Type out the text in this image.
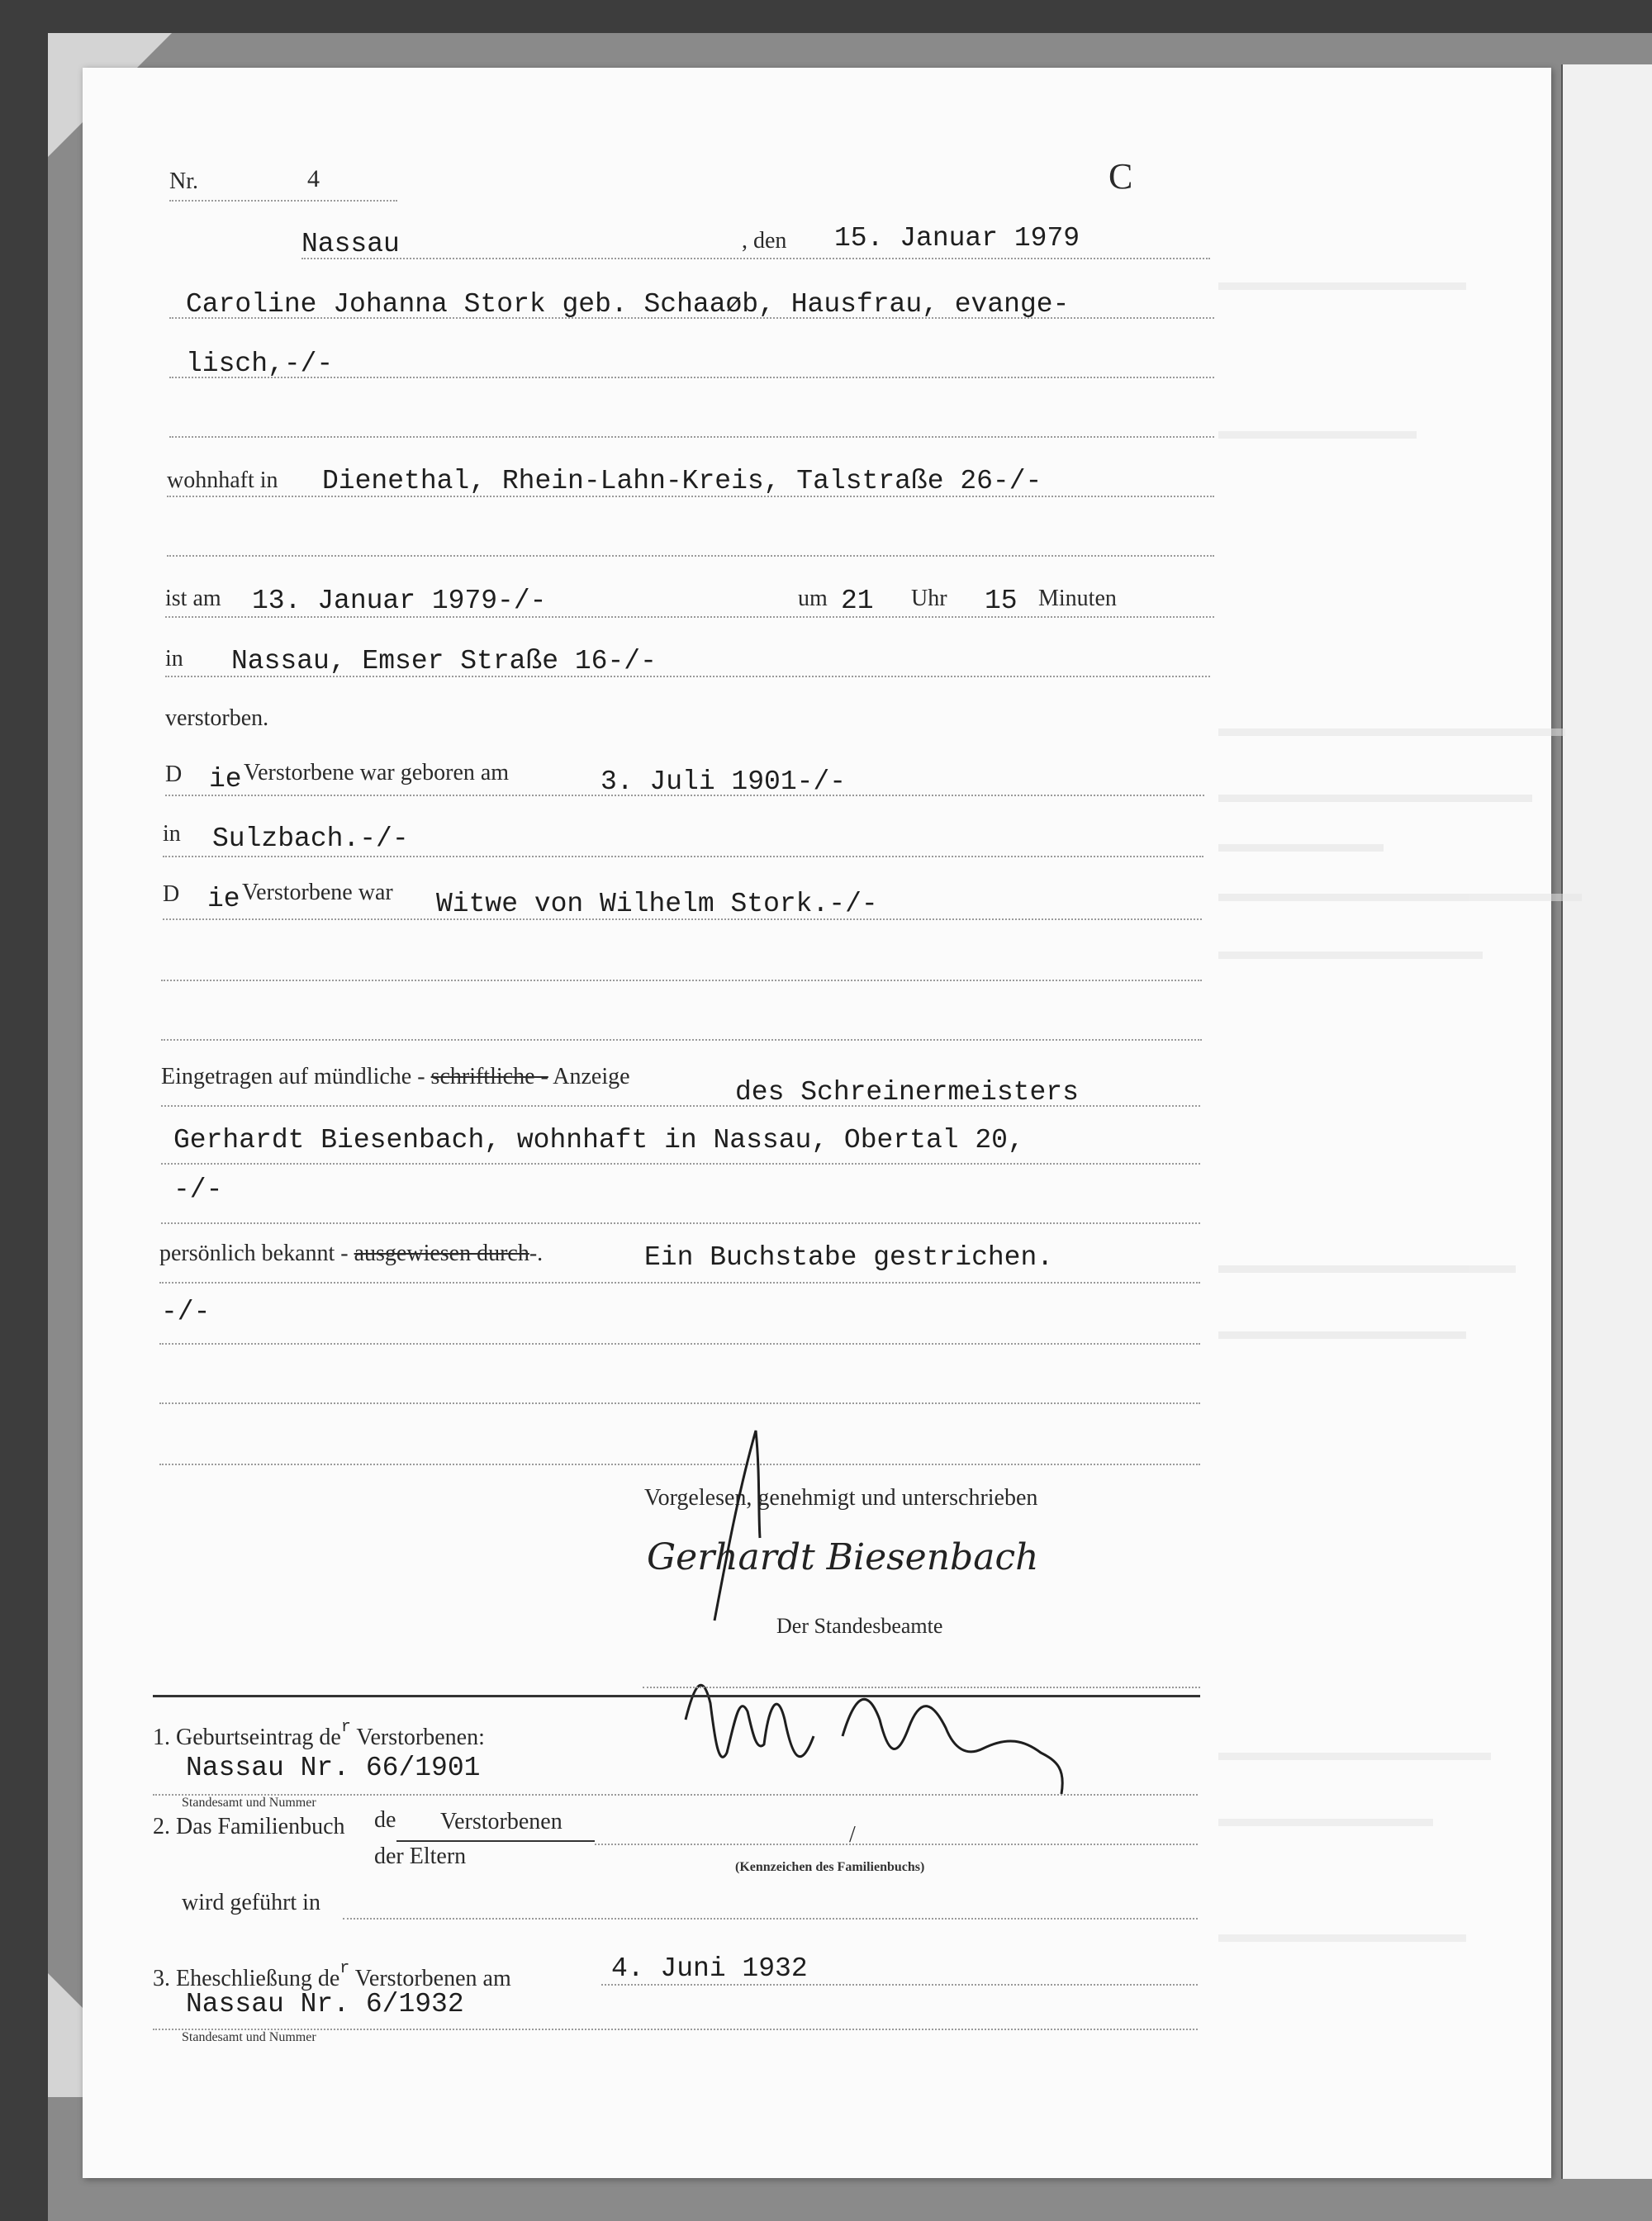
Nr.	4	C
Nassau	, den 15. Januar 1979
Caroline Johanna Stork geb. Schaaøb, Hausfrau, evange-
lisch,-/-
wohnhaft in Dienethal, Rhein-Lahn-Kreis, Talstraße 26-/-
ist am 13. Januar 1979-/-	um 21 Uhr 15 Minuten
in Nassau, Emser Straße 16-/-
verstorben.
D ie Verstorbene war geboren am	3. Juli 1901-/-
in Sulzbach.-/-
D ie Verstorbene war Witwe von Wilhelm Stork.-/-
Eingetragen auf mündliche - schriftliche - Anzeige
des Schreinermeisters
Gerhardt Biesenbach, wohnhaft in Nassau, Obertal 20,
-/-
persönlich bekannt - ausgewiesen durch-.	Ein Buchstabe gestrichen.
-/-
Vorgelesen, genehmigt und unterschrieben
Gerhardt Biesenbach
Der Standesbeamte
1. Geburtseintrag $de^r$ Verstorbenen:
Nassau Nr. 66/1901
Standesamt und Nummer
2. Das Familienbuch de Verstorbenen
der Eltern
/
(Kennzeichen des Familienbuchs)
wird geführt in
3. Eheschließung $de^r$ Verstorbenen am	4. Juni 1932
Nassau Nr. 6/1932
Standesamt und Nummer
